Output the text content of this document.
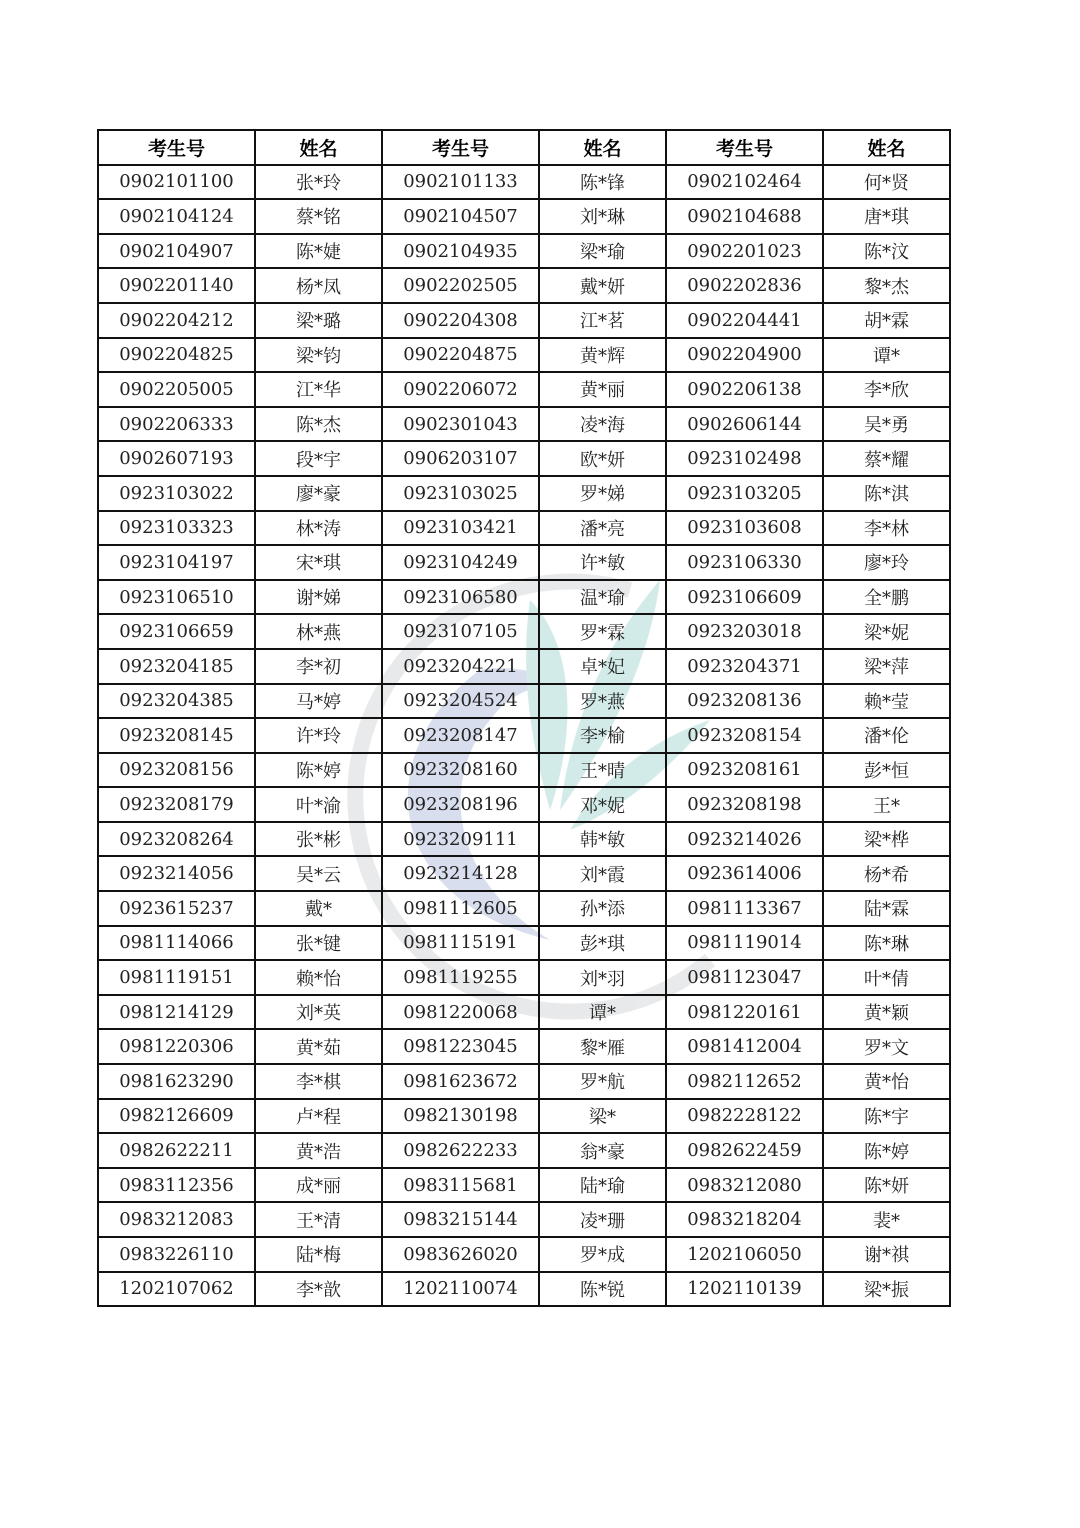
考生号	姓名	考生号	姓名	考生号	姓名
0902101100	张*玲	0902101133	陈*锋	0902102464	何*贤
0902104124	蔡*铭	0902104507	刘*琳	0902104688	唐*琪
0902104907	陈*婕	0902104935	梁*瑜	0902201023	陈*汶
0902201140	杨*凤	0902202505	戴*妍	0902202836	黎*杰
0902204212	梁*璐	0902204308	江*茗	0902204441	胡*霖
0902204825	梁*钧	0902204875	黄*辉	0902204900	谭*
0902205005	江*华	0902206072	黄*丽	0902206138	李*欣
0902206333	陈*杰	0902301043	凌*海	0902606144	吴*勇
0902607193	段*宇	0906203107	欧*妍	0923102498	蔡*耀
0923103022	廖*豪	0923103025	罗*娣	0923103205	陈*淇
0923103323	林*涛	0923103421	潘*亮	0923103608	李*林
0923104197	宋*琪	0923104249	许*敏	0923106330	廖*玲
0923106510	谢*娣	0923106580	温*瑜	0923106609	全*鹏
0923106659	林*燕	0923107105	罗*霖	0923203018	梁*妮
0923204185	李*初	0923204221	卓*妃	0923204371	梁*萍
0923204385	马*婷	0923204524	罗*燕	0923208136	赖*莹
0923208145	许*玲	0923208147	李*榆	0923208154	潘*伦
0923208156	陈*婷	0923208160	王*晴	0923208161	彭*恒
0923208179	叶*渝	0923208196	邓*妮	0923208198	王*
0923208264	张*彬	0923209111	韩*敏	0923214026	梁*桦
0923214056	吴*云	0923214128	刘*霞	0923614006	杨*希
0923615237	戴*	0981112605	孙*添	0981113367	陆*霖
0981114066	张*键	0981115191	彭*琪	0981119014	陈*琳
0981119151	赖*怡	0981119255	刘*羽	0981123047	叶*倩
0981214129	刘*英	0981220068	谭*	0981220161	黄*颖
0981220306	黄*茹	0981223045	黎*雁	0981412004	罗*文
0981623290	李*棋	0981623672	罗*航	0982112652	黄*怡
0982126609	卢*程	0982130198	梁*	0982228122	陈*宇
0982622211	黄*浩	0982622233	翁*豪	0982622459	陈*婷
0983112356	成*丽	0983115681	陆*瑜	0983212080	陈*妍
0983212083	王*清	0983215144	凌*珊	0983218204	裴*
0983226110	陆*梅	0983626020	罗*成	1202106050	谢*祺
1202107062	李*歆	1202110074	陈*锐	1202110139	梁*振
